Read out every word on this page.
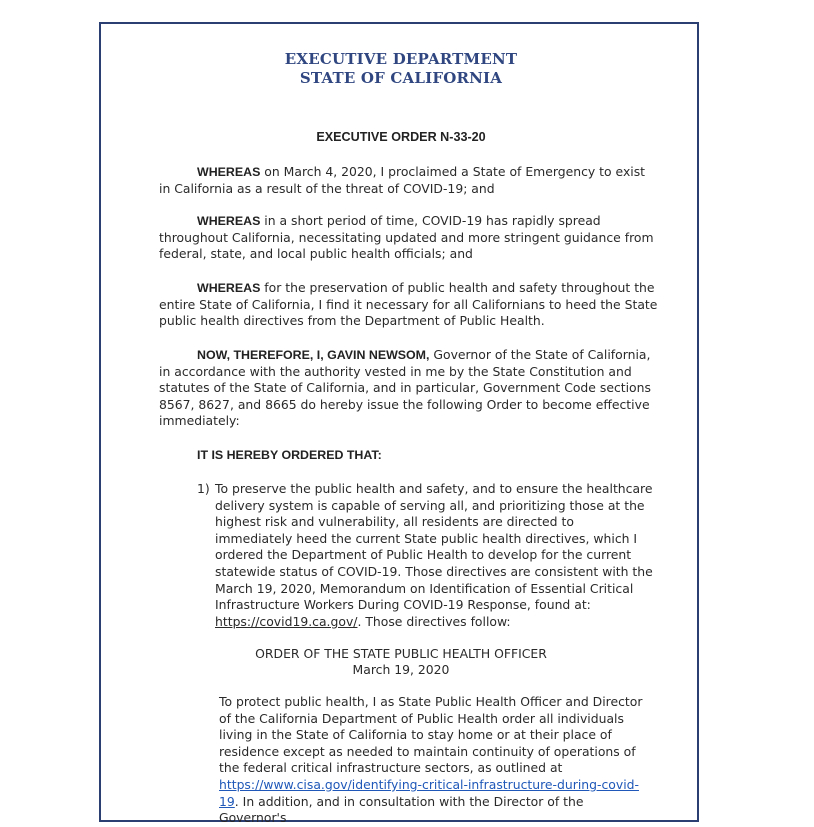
EXECUTIVE DEPARTMENT
STATE OF CALIFORNIA
EXECUTIVE ORDER N-33-20

WHEREAS on March 4, 2020, I proclaimed a State of Emergency to exist in California as a result of the threat of COVID-19; and

WHEREAS in a short period of time, COVID-19 has rapidly spread throughout California, necessitating updated and more stringent guidance from federal, state, and local public health officials; and

WHEREAS for the preservation of public health and safety throughout the entire State of California, I find it necessary for all Californians to heed the State public health directives from the Department of Public Health.

NOW, THEREFORE, I, GAVIN NEWSOM, Governor of the State of California, in accordance with the authority vested in me by the State Constitution and statutes of the State of California, and in particular, Government Code sections 8567, 8627, and 8665 do hereby issue the following Order to become effective immediately:

IT IS HEREBY ORDERED THAT:
1) To preserve the public health and safety, and to ensure the healthcare delivery system is capable of serving all, and prioritizing those at the highest risk and vulnerability, all residents are directed to immediately heed the current State public health directives, which I ordered the Department of Public Health to develop for the current statewide status of COVID-19. Those directives are consistent with the March 19, 2020, Memorandum on Identification of Essential Critical Infrastructure Workers During COVID-19 Response, found at: https://covid19.ca.gov/. Those directives follow:

ORDER OF THE STATE PUBLIC HEALTH OFFICER
March 19, 2020

To protect public health, I as State Public Health Officer and Director of the California Department of Public Health order all individuals living in the State of California to stay home or at their place of residence except as needed to maintain continuity of operations of the federal critical infrastructure sectors, as outlined at https://www.cisa.gov/identifying-critical-infrastructure-during-covid-19. In addition, and in consultation with the Director of the Governor's
